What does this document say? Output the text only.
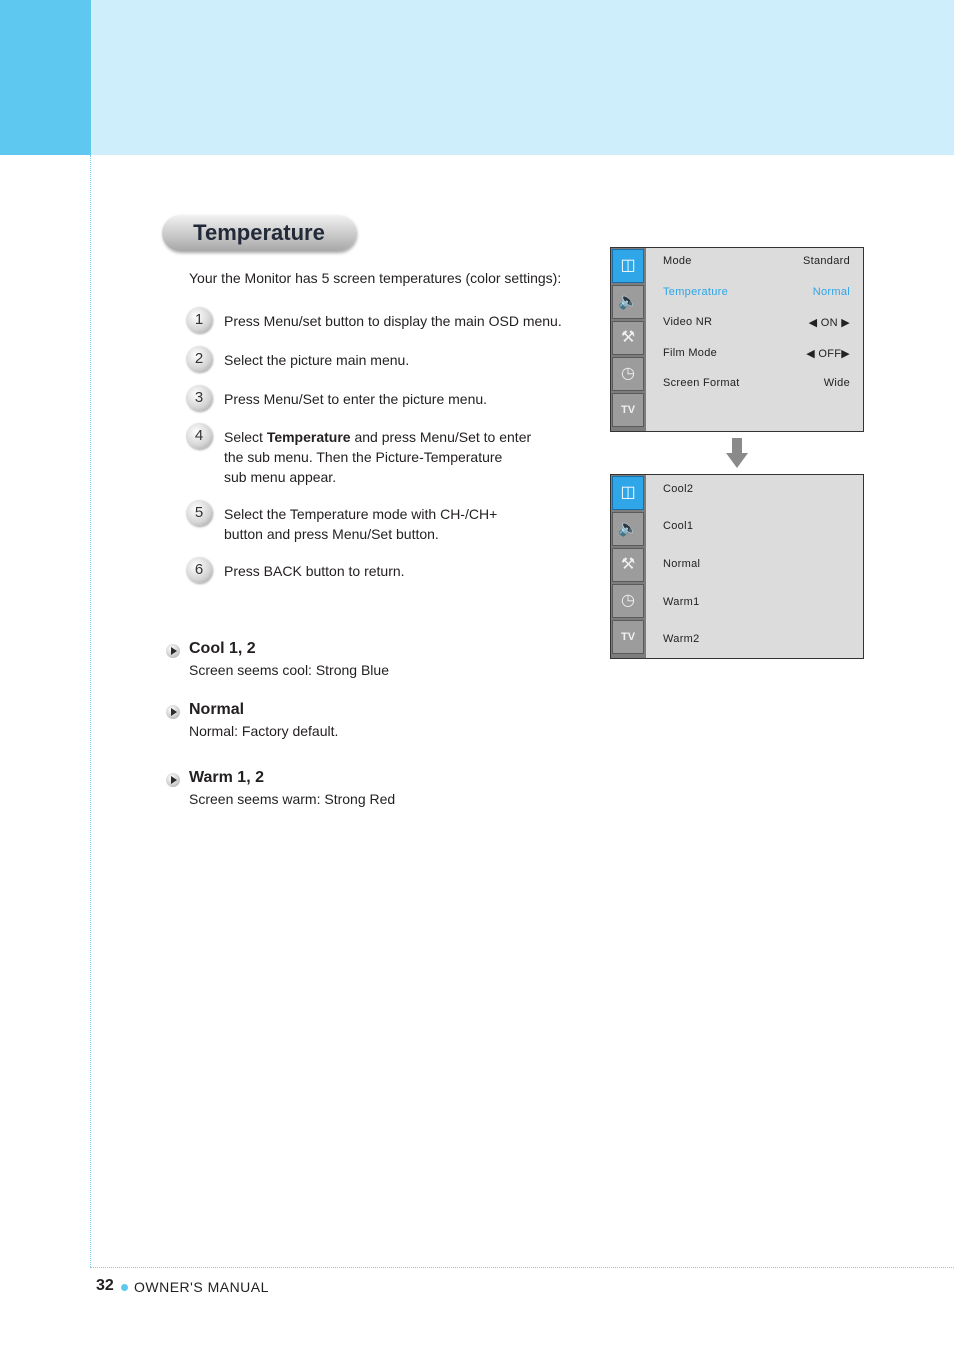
Temperature
Your the Monitor has 5 screen temperatures (color settings):
1	Press Menu/set button to display the main OSD menu.
2	Select the picture main menu.
3	Press Menu/Set to enter the picture menu.
4	Select Temperature and press Menu/Set to enter
the sub menu. Then the Picture-Temperature
sub menu appear.
5	Select the Temperature mode with CH-/CH+
button and press Menu/Set button.
6	Press BACK button to return.
Cool 1, 2
Screen seems cool: Strong Blue
Normal
Normal: Factory default.
Warm 1, 2
Screen seems warm: Strong Red
◫
🔈
⚒
◷
TV
Mode	Standard
Temperature	Normal
Video NR	◀ ON ▶
Film Mode	◀ OFF▶
Screen Format	Wide
◫
🔈
⚒
◷
TV
Cool2
Cool1
Normal
Warm1
Warm2
32 OWNER'S MANUAL
